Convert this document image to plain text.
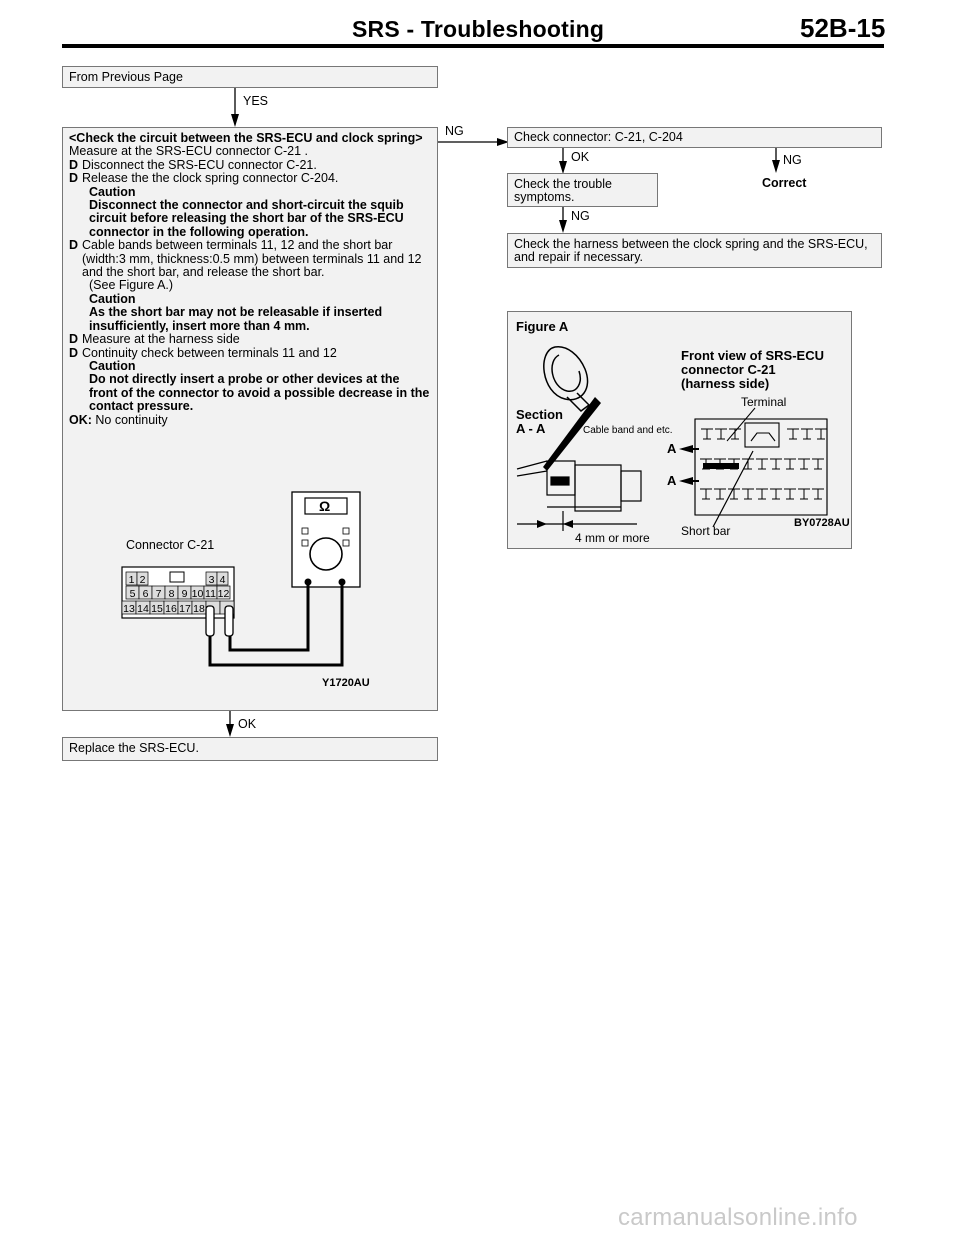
SRS - Troubleshooting	52B-15
From Previous Page
YES
NG
<Check the circuit between the SRS-ECU and clock spring>
Measure at the SRS-ECU connector C-21 .
D Disconnect the SRS-ECU connector C-21.
D Release the the clock spring connector C-204.
Caution
Disconnect the connector and short-circuit the squib circuit before releasing the short bar of the SRS-ECU connector in the following operation.
D Cable bands between terminals 11, 12 and the short bar (width:3 mm, thickness:0.5 mm) between terminals 11 and 12 and the short bar, and release the short bar.
(See Figure A.)
Caution
As the short bar may not be releasable if inserted insufficiently, insert more than 4 mm.
D Measure at the harness side
D Continuity check between terminals 11 and 12
Caution
Do not directly insert a probe or other devices at the front of the connector to avoid a possible decrease in the contact pressure.
OK: No continuity
Connector C-21
Ω
1 2	3 4
5 6 7 8 9 10 11 12
13 14 15 16 17 18
Y1720AU
OK
Replace the SRS-ECU.
Check connector: C-21, C-204
OK	NG
Check the trouble symptoms.
Correct
NG
Check the harness between the clock spring and the SRS-ECU, and repair if necessary.
Figure A
Front view of SRS-ECU
connector C-21
(harness side)
Terminal
Section
A - A	Cable band and etc.
A
A
4 mm or more	Short bar
BY0728AU
carmanualsonline.info
